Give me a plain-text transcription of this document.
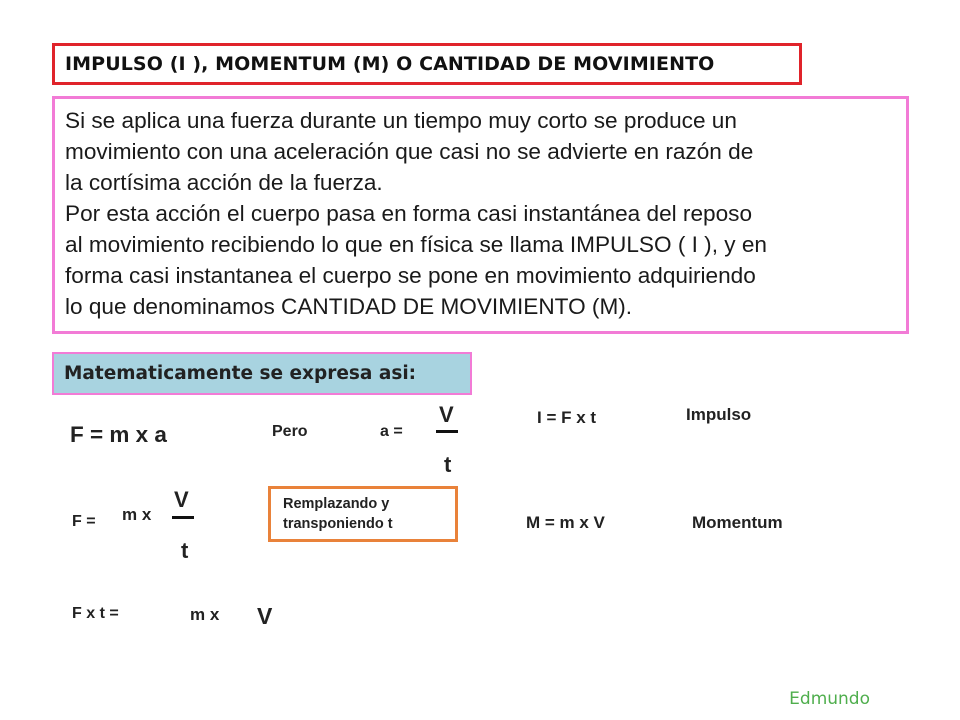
IMPULSO (I ), MOMENTUM (M) O CANTIDAD DE MOVIMIENTO

Si se aplica una fuerza durante un tiempo muy corto se produce un

movimiento con una aceleración que casi no se advierte en razón de

la cortísima acción de la fuerza.

Por esta acción el cuerpo pasa en forma casi instantánea del reposo

al movimiento recibiendo lo que en física se llama IMPULSO ( I ), y en

forma casi instantanea el cuerpo se pone en movimiento adquiriendo

lo que denominamos CANTIDAD DE MOVIMIENTO (M).

Matematicamente se expresa asi:
F = m x a	Pero	a =
V
t
I = F x t	Impulso
F = m x
V
t
Remplazando y
transponiendo t	M = m x V	Momentum
F x t =	m x V
Edmundo
